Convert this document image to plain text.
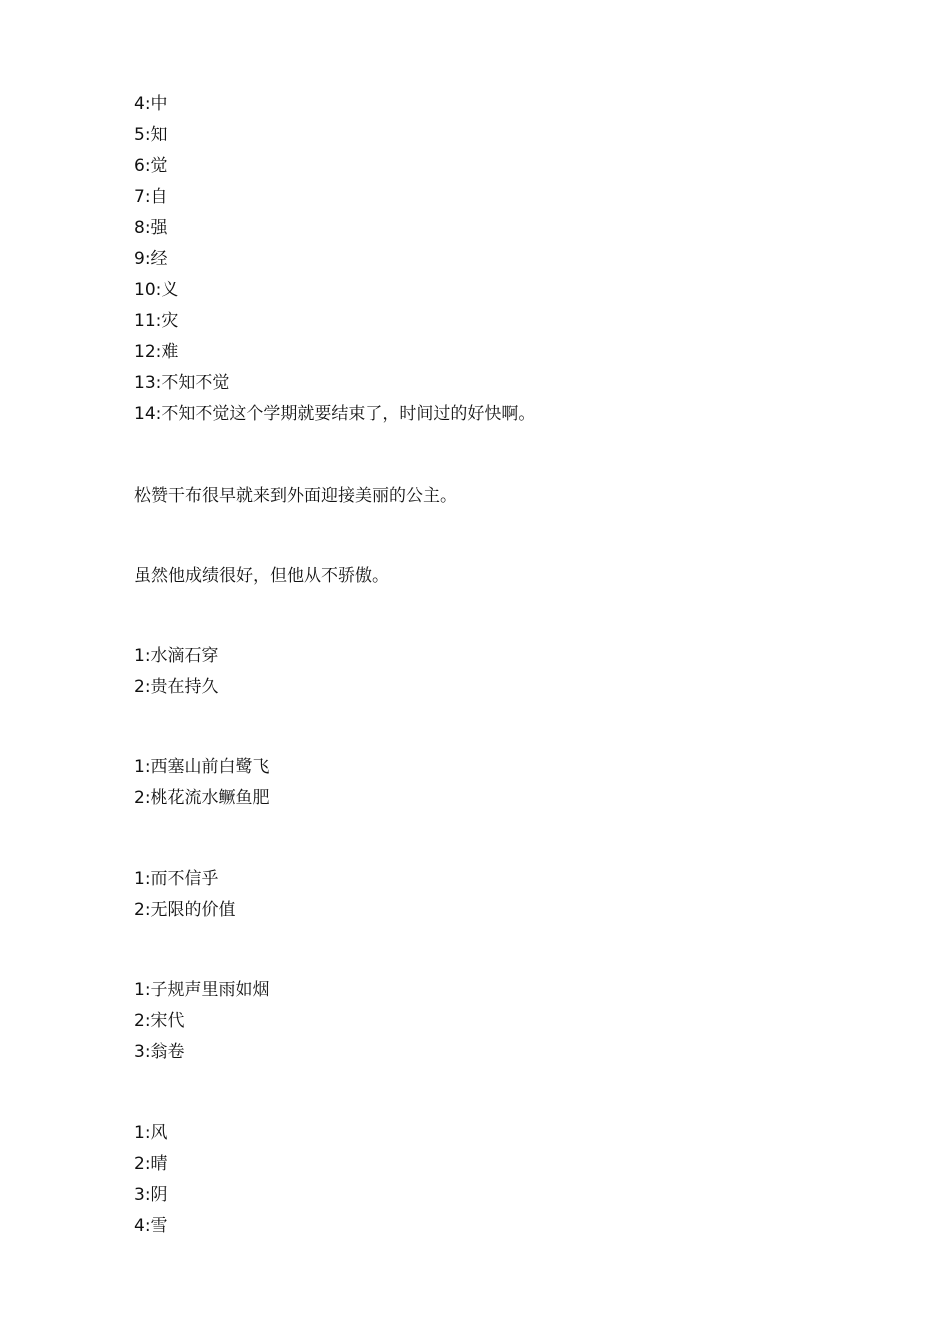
4:中
5:知
6:觉
7:自
8:强
9:经
10:义
11:灾
12:难
13:不知不觉
14:不知不觉这个学期就要结束了，时间过的好快啊。
松赞干布很早就来到外面迎接美丽的公主。
虽然他成绩很好，但他从不骄傲。
1:水滴石穿
2:贵在持久
1:西塞山前白鹭飞
2:桃花流水鳜鱼肥
1:而不信乎
2:无限的价值
1:子规声里雨如烟
2:宋代
3:翁卷
1:风
2:晴
3:阴
4:雪
